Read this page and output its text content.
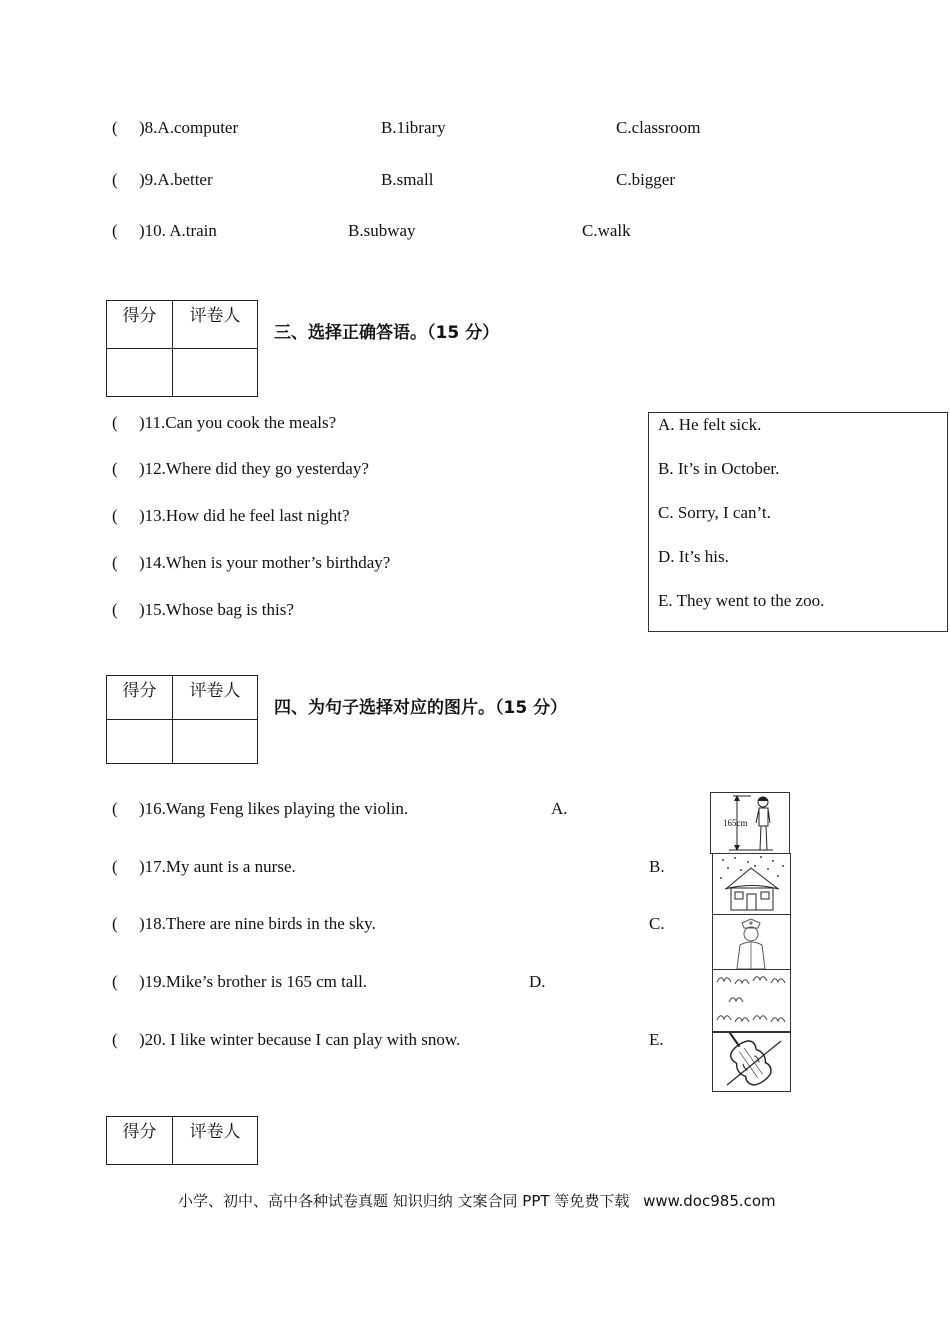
( )8.A.computer	B.1ibrary	C.classroom
( )9.A.better	B.small	C.bigger
( )10. A.train	B.subway	C.walk
得分	评卷人

三、选择正确答语。（15 分）
( )11.Can you cook the meals?
( )12.Where did they go yesterday?
( )13.How did he feel last night?
( )14.When is your mother’s birthday?
( )15.Whose bag is this?
A. He felt sick.
B. It’s in October.
C. Sorry, I can’t.
D. It’s his.
E. They went to the zoo.
得分	评卷人

四、为句子选择对应的图片。（15 分）
( )16.Wang Feng likes playing the violin.	A.
( )17.My aunt is a nurse.	B.
( )18.There are nine birds in the sky.	C.
( )19.Mike’s brother is 165 cm tall.	D.
( )20. I like winter because I can play with snow.	E.
165cm
得分	评卷人
小学、初中、高中各种试卷真题 知识归纳 文案合同 PPT 等免费下载 www.doc985.com
